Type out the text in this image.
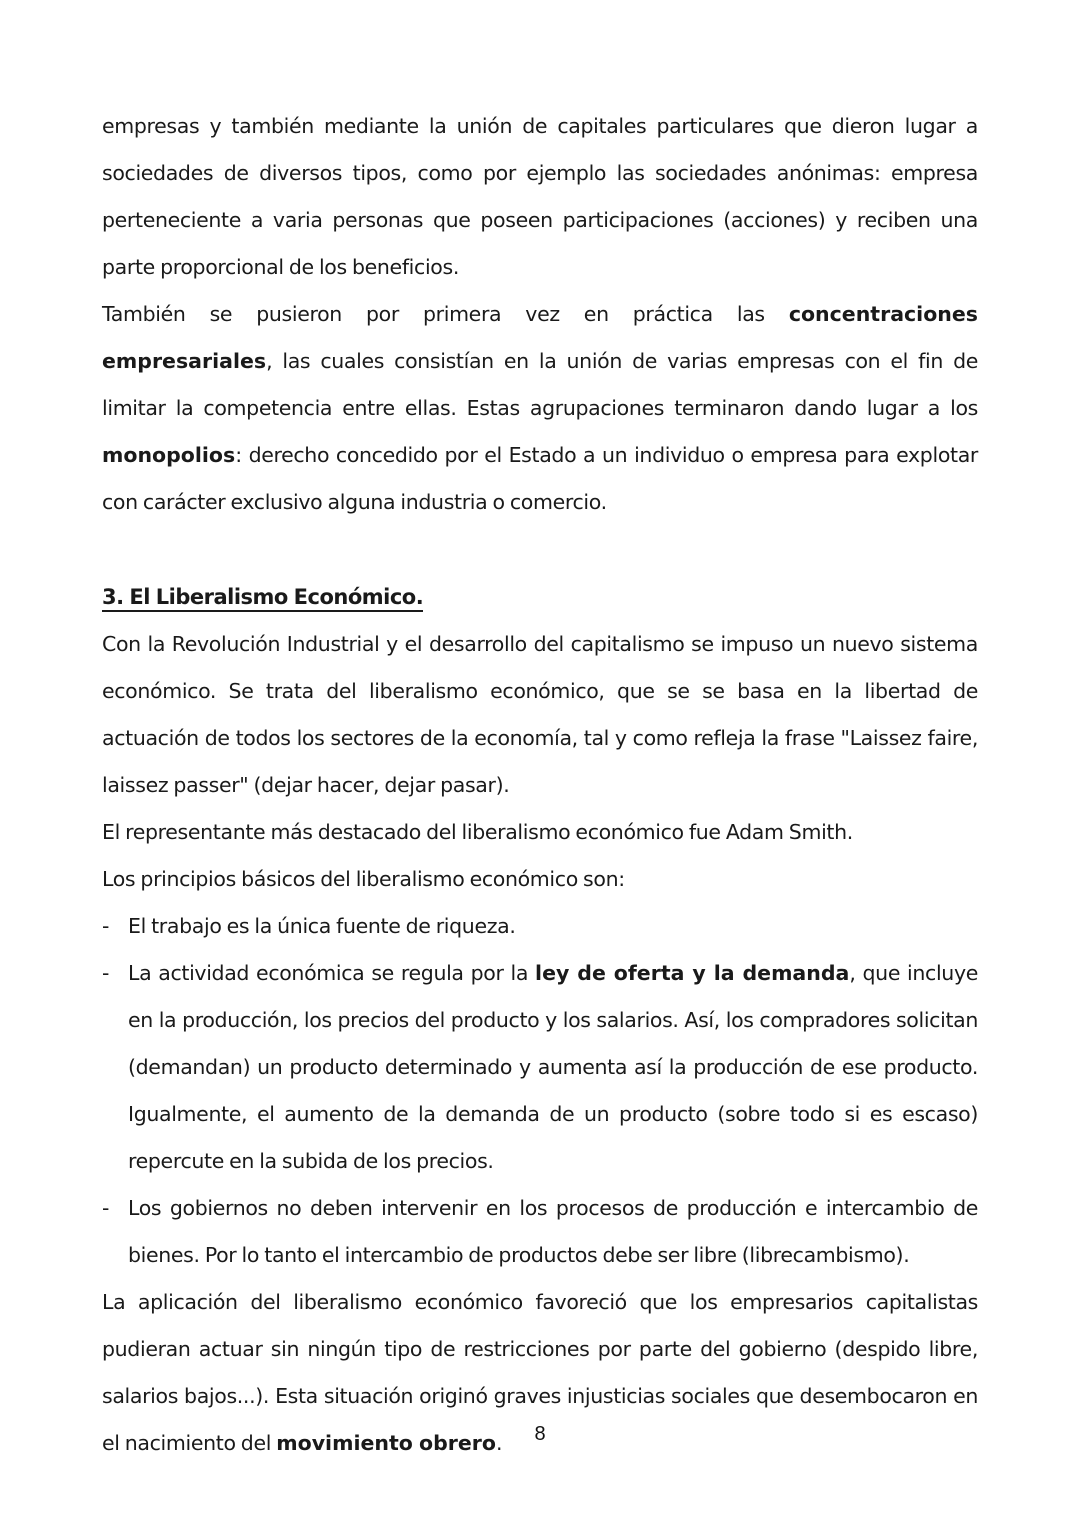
empresas y también mediante la unión de capitales particulares que dieron lugar a sociedades de diversos tipos, como por ejemplo las sociedades anónimas: empresa perteneciente a varia personas que poseen participaciones (acciones) y reciben una parte proporcional de los beneficios.

También se pusieron por primera vez en práctica las concentraciones empresariales, las cuales consistían en la unión de varias empresas con el fin de limitar la competencia entre ellas. Estas agrupaciones terminaron dando lugar a los monopolios: derecho concedido por el Estado a un individuo o empresa para explotar con carácter exclusivo alguna industria o comercio.

3. El Liberalismo Económico.

Con la Revolución Industrial y el desarrollo del capitalismo se impuso un nuevo sistema económico. Se trata del liberalismo económico, que se se basa en la libertad de actuación de todos los sectores de la economía, tal y como refleja la frase "Laissez faire, laissez passer" (dejar hacer, dejar pasar).

El representante más destacado del liberalismo económico fue Adam Smith.

Los principios básicos del liberalismo económico son:

- El trabajo es la única fuente de riqueza.

- La actividad económica se regula por la ley de oferta y la demanda, que incluye en la producción, los precios del producto y los salarios. Así, los compradores solicitan (demandan) un producto determinado y aumenta así la producción de ese producto. Igualmente, el aumento de la demanda de un producto (sobre todo si es escaso) repercute en la subida de los precios.

- Los gobiernos no deben intervenir en los procesos de producción e intercambio de bienes. Por lo tanto el intercambio de productos debe ser libre (librecambismo).

La aplicación del liberalismo económico favoreció que los empresarios capitalistas pudieran actuar sin ningún tipo de restricciones por parte del gobierno (despido libre, salarios bajos...). Esta situación originó graves injusticias sociales que desembocaron en el nacimiento del movimiento obrero.	8
